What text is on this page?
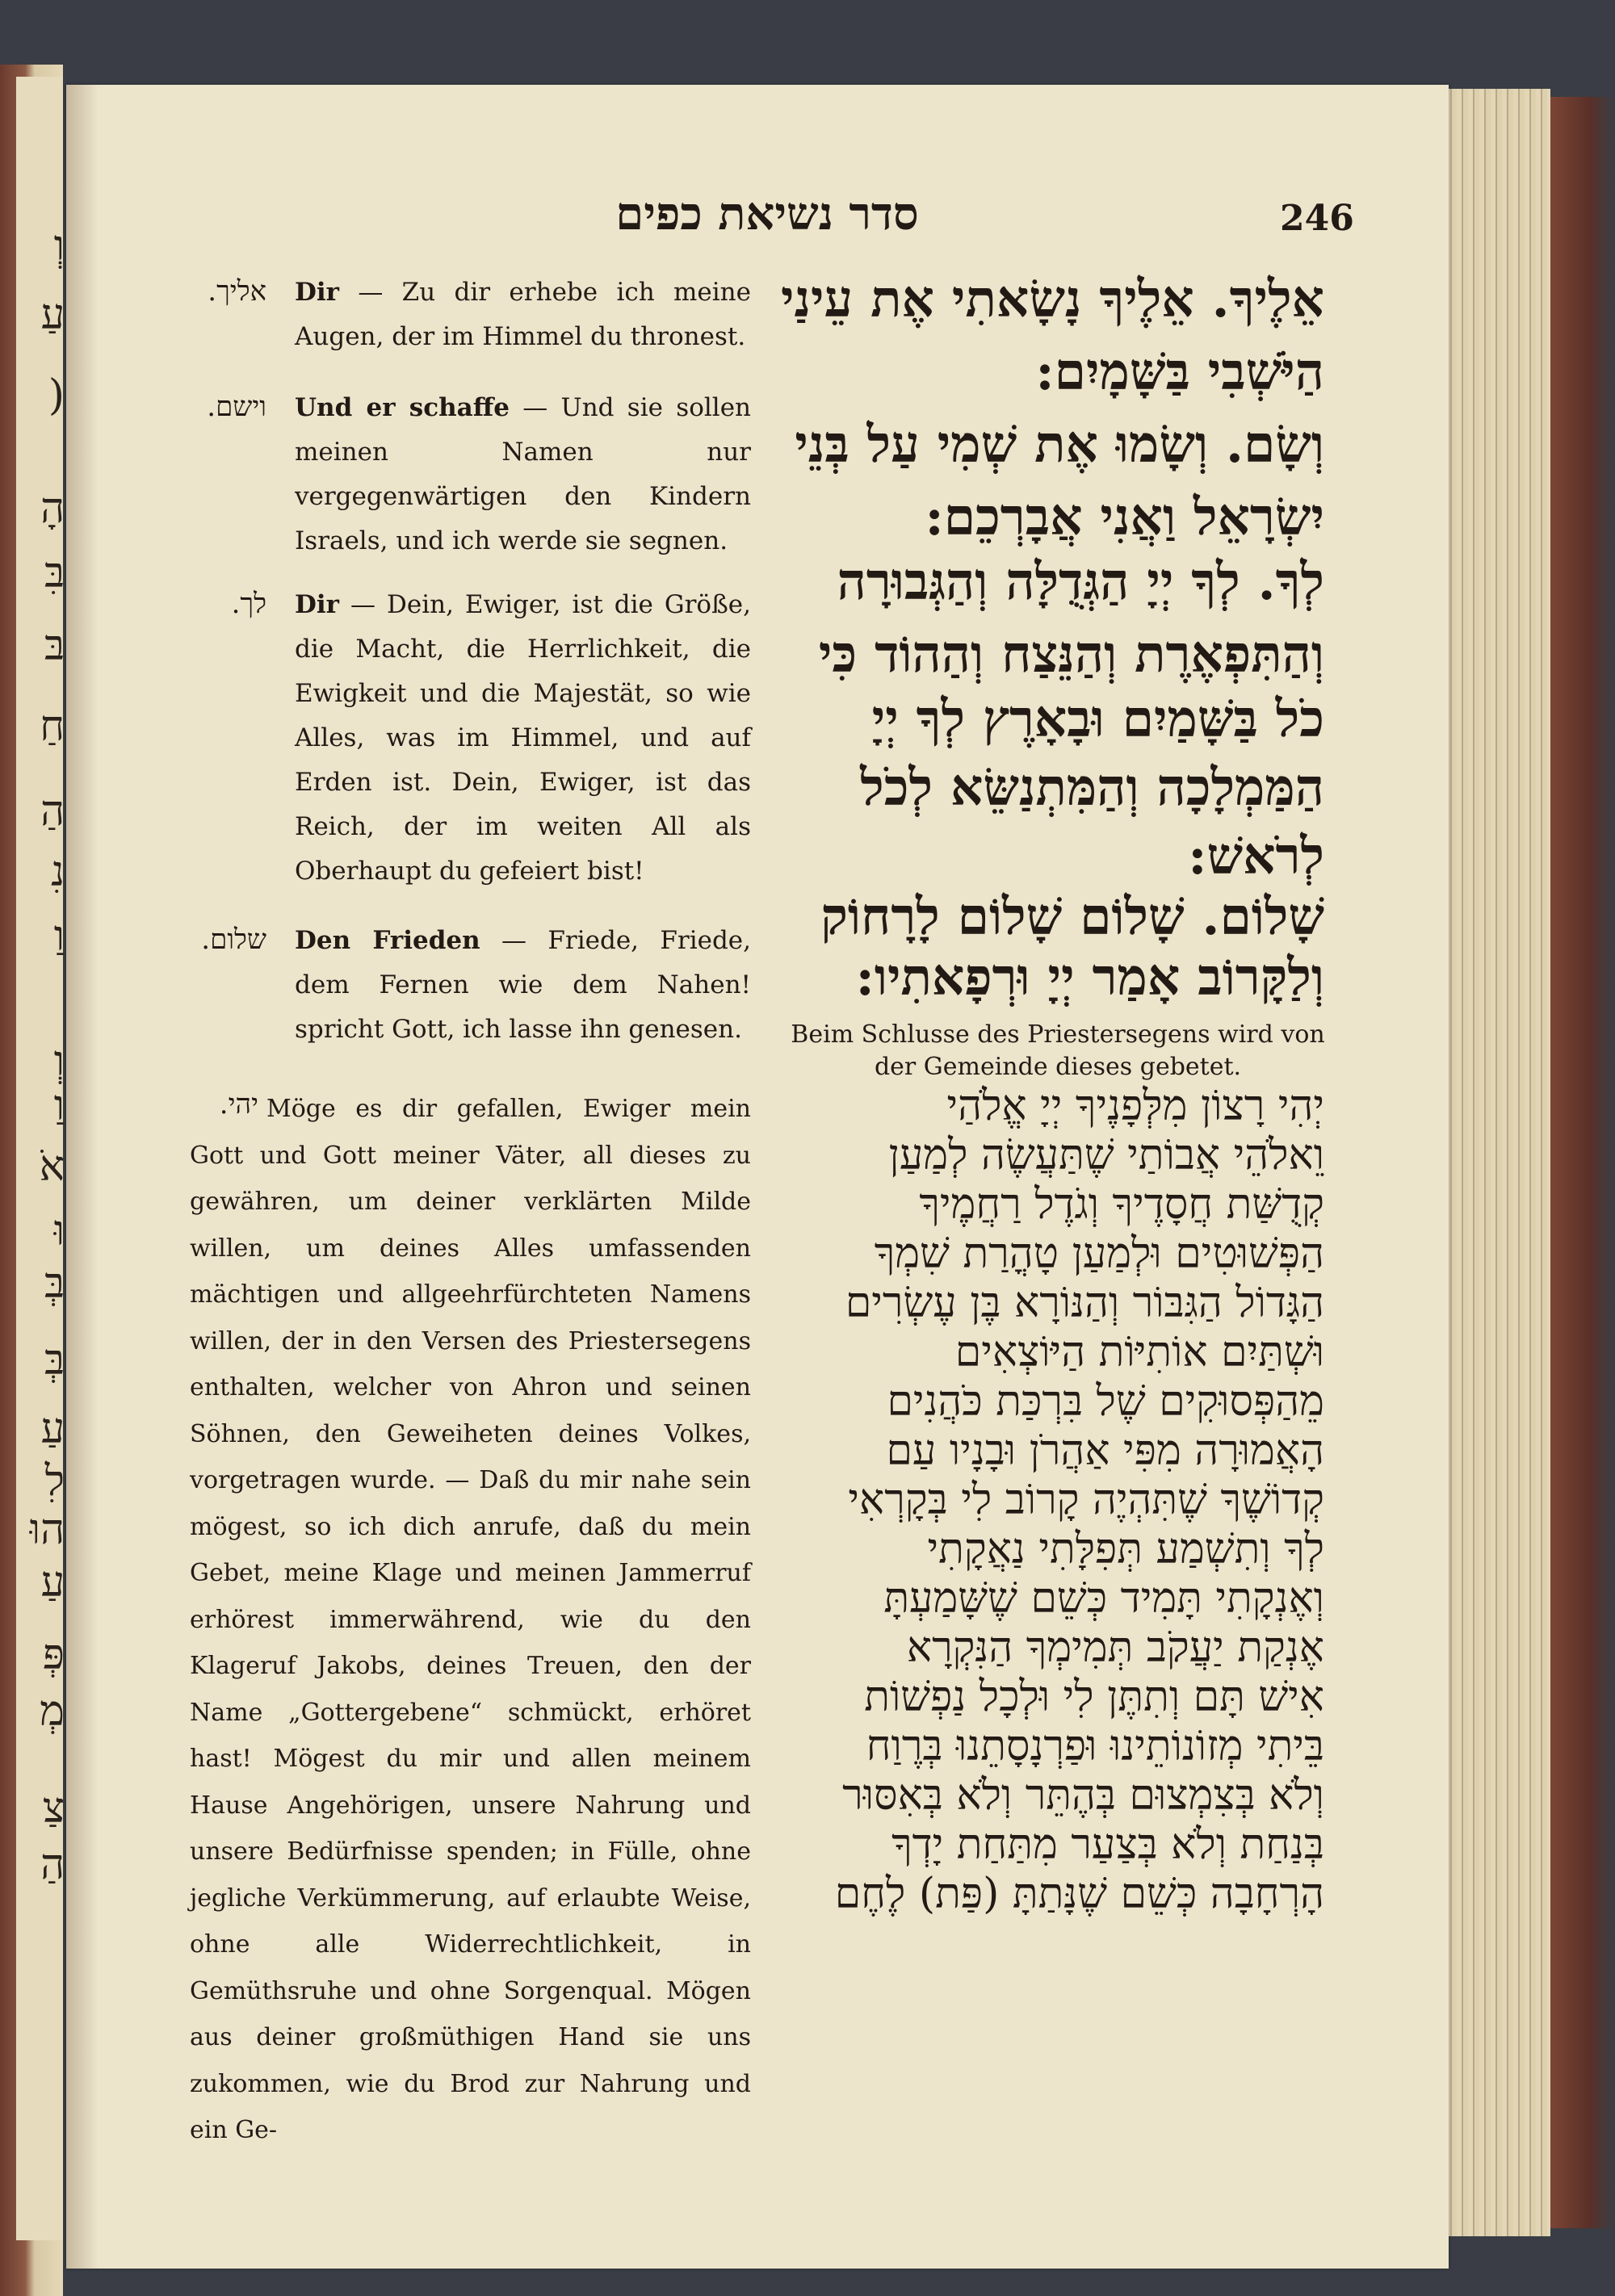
וְ
עַ
(
הָ
בִּ
בּ
חַ
הַ
נִ
וַ
וְ
וַ
אֹ
וּ
בְּ
בְּ
עַ
לִ
הוּ
עַ
פְּ
מְ
צַ
הַ
246
סדר נשיאת כפים
אליך. Dir — Zu dir erhebe ich meine Augen, der im Himmel du thronest.
וישם. Und er schaffe — Und sie sollen meinen Namen nur vergegenwärtigen den Kindern Israels, und ich werde sie segnen.
לך. Dir — Dein, Ewiger, ist die Größe, die Macht, die Herrlichkeit, die Ewigkeit und die Majestät, so wie Alles, was im Himmel, und auf Erden ist. Dein, Ewiger, ist das Reich, der im weiten All als Oberhaupt du gefeiert bist!
שלום. Den Frieden — Friede, Friede, dem Fernen wie dem Nahen! spricht Gott, ich lasse ihn genesen.
יהי. Möge es dir gefallen, Ewiger mein Gott und Gott meiner Väter, all dieses zu gewähren, um deiner verklärten Milde willen, um deines Alles umfassenden mächtigen und allgeehrfürchteten Namens willen, der in den Versen des Priestersegens enthalten, welcher von Ahron und seinen Söhnen, den Geweiheten deines Volkes, vorgetragen wurde. — Daß du mir nahe sein mögest, so ich dich anrufe, daß du mein Gebet, meine Klage und meinen Jammerruf erhörest immerwährend, wie du den Klageruf Jakobs, deines Treuen, den der Name „Gottergebene“ schmückt, erhöret hast! Mögest du mir und allen meinem Hause Angehörigen, unsere Nahrung und unsere Bedürfnisse spenden; in Fülle, ohne jegliche Verkümmerung, auf erlaubte Weise, ohne alle Widerrechtlichkeit, in Gemüthsruhe und ohne Sorgenqual. Mögen aus deiner großmüthigen Hand sie uns zukommen, wie du Brod zur Nahrung und ein Ge-
אֵלֶיךָ. אֵלֶיךָ נָשָׂאתִי אֶת עֵינַי
הַיֹּשְׁבִי בַּשָּׁמָיִם:
וְשָׂם. וְשָׂמוּ אֶת שְׁמִי עַל בְּנֵי
יִשְׂרָאֵל וַאֲנִי אֲבָרְכֵם:
לְךָ. לְךָ יְיָ הַגְּדֻלָּה וְהַגְּבוּרָה
וְהַתִּפְאֶרֶת וְהַנֵּצַח וְהַהוֹד כִּי
כֹל בַּשָּׁמַיִם וּבָאָרֶץ לְךָ יְיָ
הַמַּמְלָכָה וְהַמִּתְנַשֵּׂא לְכֹל
לְרֹאשׁ:
שָׁלוֹם. שָׁלוֹם שָׁלוֹם לָרָחוֹק
וְלַקָּרוֹב אָמַר יְיָ וּרְפָאתִיו:
Beim Schlusse des Priestersegens wird von der Gemeinde dieses gebetet.
יְהִי רָצוֹן מִלְּפָנֶיךָ יְיָ אֱלֹהַי
וֵאלֹהֵי אֲבוֹתַי שֶׁתַּעֲשֶׂה לְמַעַן
קְדֻשַּׁת חֲסָדֶיךָ וְגֹדֶל רַחֲמֶיךָ
הַפְּשׁוּטִים וּלְמַעַן טָהֳרַת שִׁמְךָ
הַגָּדוֹל הַגִּבּוֹר וְהַנּוֹרָא בֶּן עֶשְׂרִים
וּשְׁתַּיִם אוֹתִיּוֹת הַיּוֹצְאִים
מֵהַפְּסוּקִים שֶׁל בִּרְכַּת כֹּהֲנִים
הָאֲמוּרָה מִפִּי אַהֲרֹן וּבָנָיו עַם
קְדוֹשֶׁךָ שֶׁתִּהְיֶה קָרוֹב לִי בְּקָרְאִי
לְךָ וְתִשְׁמַע תְּפִלָּתִי נַאֲקָתִי
וְאֶנְקָתִי תָּמִיד כְּשֵׁם שֶׁשָּׁמַעְתָּ
אֶנְקַת יַעֲקֹב תְּמִימְךָ הַנִּקְרָא
אִישׁ תָּם וְתִתֶּן לִי וּלְכָל נַפְשׁוֹת
בֵּיתִי מְזוֹנוֹתֵינוּ וּפַרְנָסָתֵנוּ בְּרֶוַח
וְלֹא בְּצִמְצוּם בְּהֶתֵּר וְלֹא בְּאִסּוּר
בְּנַחַת וְלֹא בְּצַעַר מִתַּחַת יָדְךָ
הָרְחָבָה כְּשֵׁם שֶׁנָּתַתָּ (פַּת) לֶחֶם
